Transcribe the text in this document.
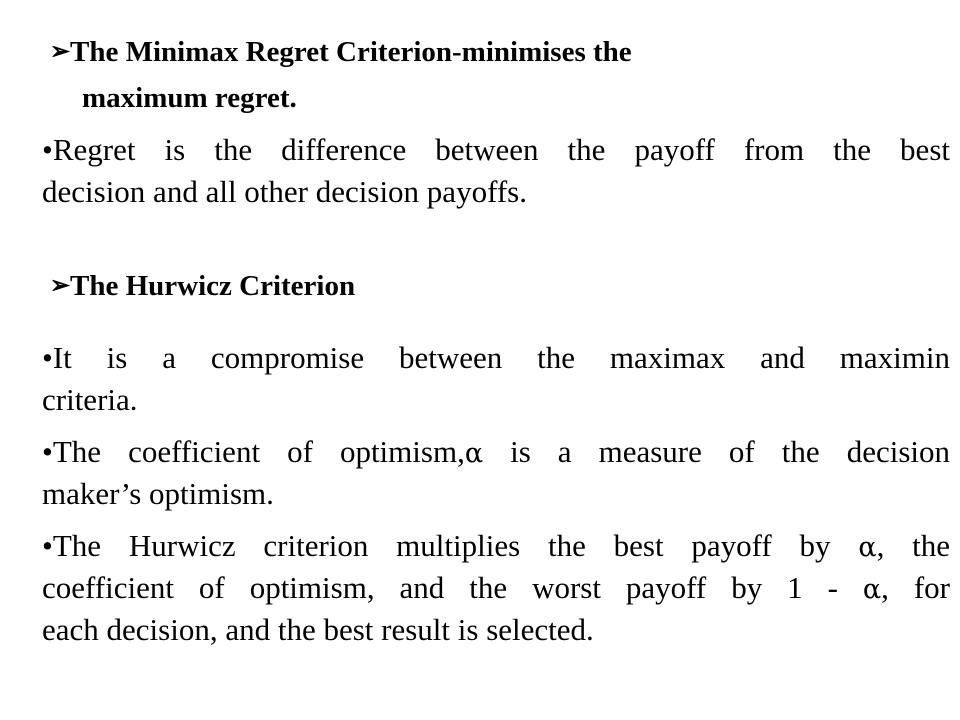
➢The Minimax Regret Criterion-minimises the
maximum regret.
•Regret is the difference between the payoff from the best
decision and all other decision payoffs.
➢The Hurwicz Criterion
•It is a compromise between the maximax and maximin
criteria.
•The coefficient of optimism,α is a measure of the decision
maker’s optimism.
•The Hurwicz criterion multiplies the best payoff by α, the
coefficient of optimism, and the worst payoff by 1 - α, for
each decision, and the best result is selected.
